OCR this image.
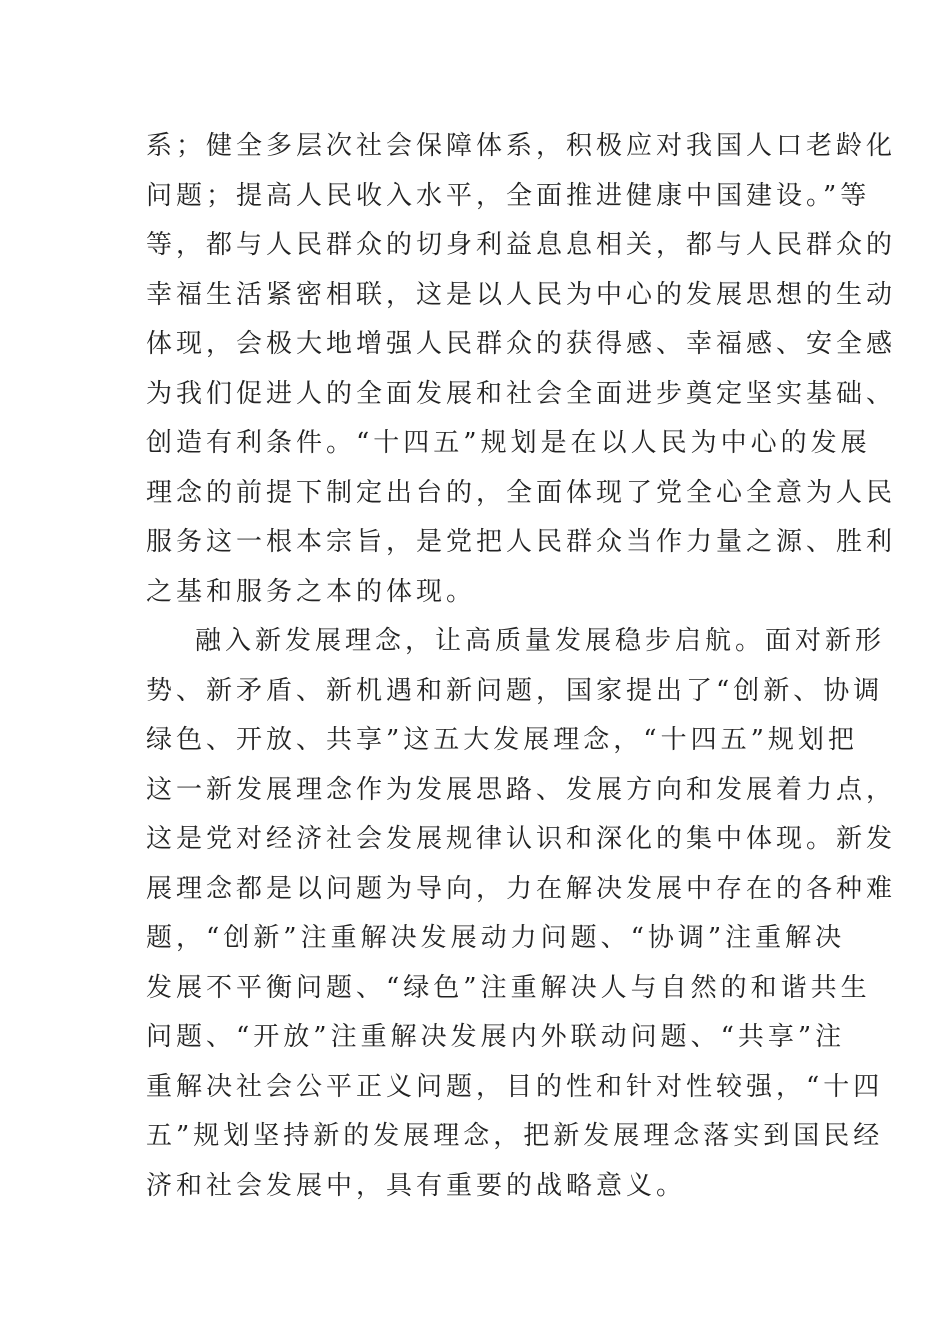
系；健全多层次社会保障体系，积极应对我国人口老龄化
问题；提高人民收入水平，全面推进健康中国建设。”等
等，都与人民群众的切身利益息息相关，都与人民群众的
幸福生活紧密相联，这是以人民为中心的发展思想的生动
体现，会极大地增强人民群众的获得感、幸福感、安全感
为我们促进人的全面发展和社会全面进步奠定坚实基础、
创造有利条件。“十四五”规划是在以人民为中心的发展
理念的前提下制定出台的，全面体现了党全心全意为人民
服务这一根本宗旨，是党把人民群众当作力量之源、胜利
之基和服务之本的体现。
融入新发展理念，让高质量发展稳步启航。面对新形
势、新矛盾、新机遇和新问题，国家提出了“创新、协调
绿色、开放、共享”这五大发展理念，“十四五”规划把
这一新发展理念作为发展思路、发展方向和发展着力点，
这是党对经济社会发展规律认识和深化的集中体现。新发
展理念都是以问题为导向，力在解决发展中存在的各种难
题，“创新”注重解决发展动力问题、“协调”注重解决
发展不平衡问题、“绿色”注重解决人与自然的和谐共生
问题、“开放”注重解决发展内外联动问题、“共享”注
重解决社会公平正义问题，目的性和针对性较强，“十四
五”规划坚持新的发展理念，把新发展理念落实到国民经
济和社会发展中，具有重要的战略意义。
